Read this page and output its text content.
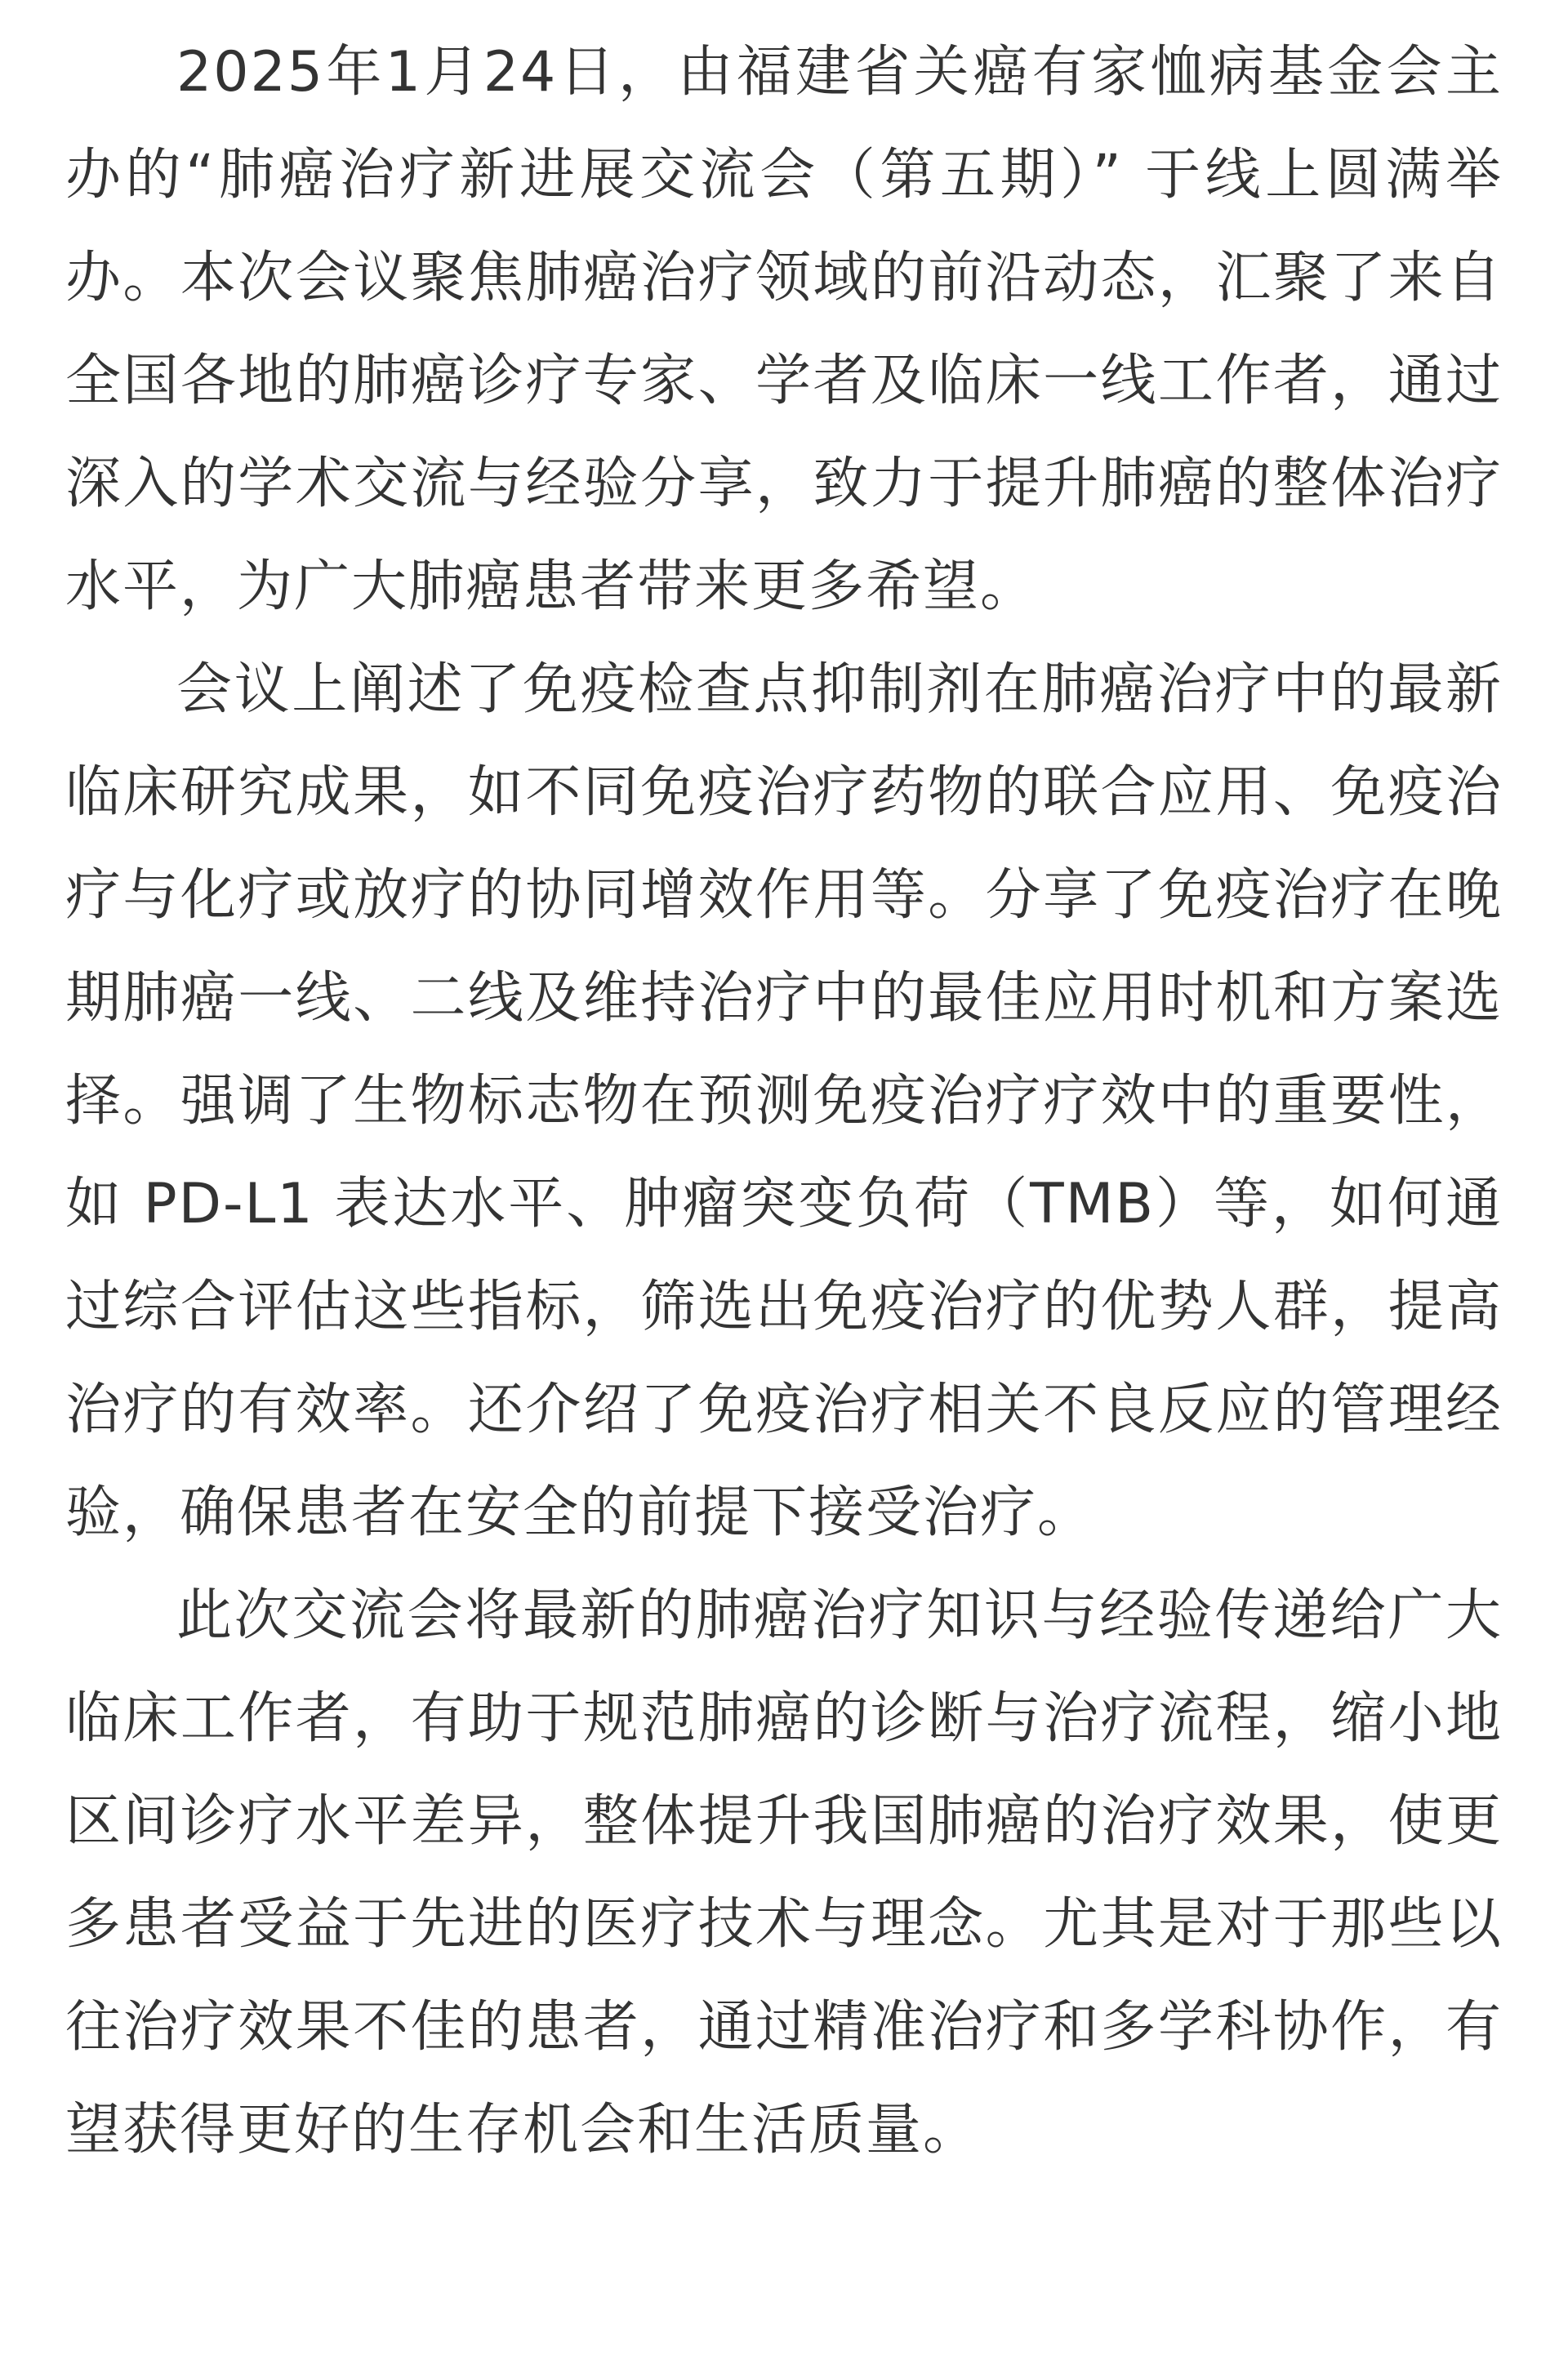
2025年1月24日，由福建省关癌有家恤病基金会主办的“肺癌治疗新进展交流会（第五期）” 于线上圆满举办。本次会议聚焦肺癌治疗领域的前沿动态，汇聚了来自全国各地的肺癌诊疗专家、学者及临床一线工作者，通过深入的学术交流与经验分享，致力于提升肺癌的整体治疗水平，为广大肺癌患者带来更多希望。

会议上阐述了免疫检查点抑制剂在肺癌治疗中的最新临床研究成果，如不同免疫治疗药物的联合应用、免疫治疗与化疗或放疗的协同增效作用等。分享了免疫治疗在晚期肺癌一线、二线及维持治疗中的最佳应用时机和方案选择。强调了生物标志物在预测免疫治疗疗效中的重要性，如 PD-L1 表达水平、肿瘤突变负荷（TMB）等，如何通过综合评估这些指标，筛选出免疫治疗的优势人群，提高治疗的有效率。还介绍了免疫治疗相关不良反应的管理经验，确保患者在安全的前提下接受治疗。

此次交流会将最新的肺癌治疗知识与经验传递给广大临床工作者，有助于规范肺癌的诊断与治疗流程，缩小地区间诊疗水平差异，整体提升我国肺癌的治疗效果，使更多患者受益于先进的医疗技术与理念。尤其是对于那些以往治疗效果不佳的患者，通过精准治疗和多学科协作，有望获得更好的生存机会和生活质量。
